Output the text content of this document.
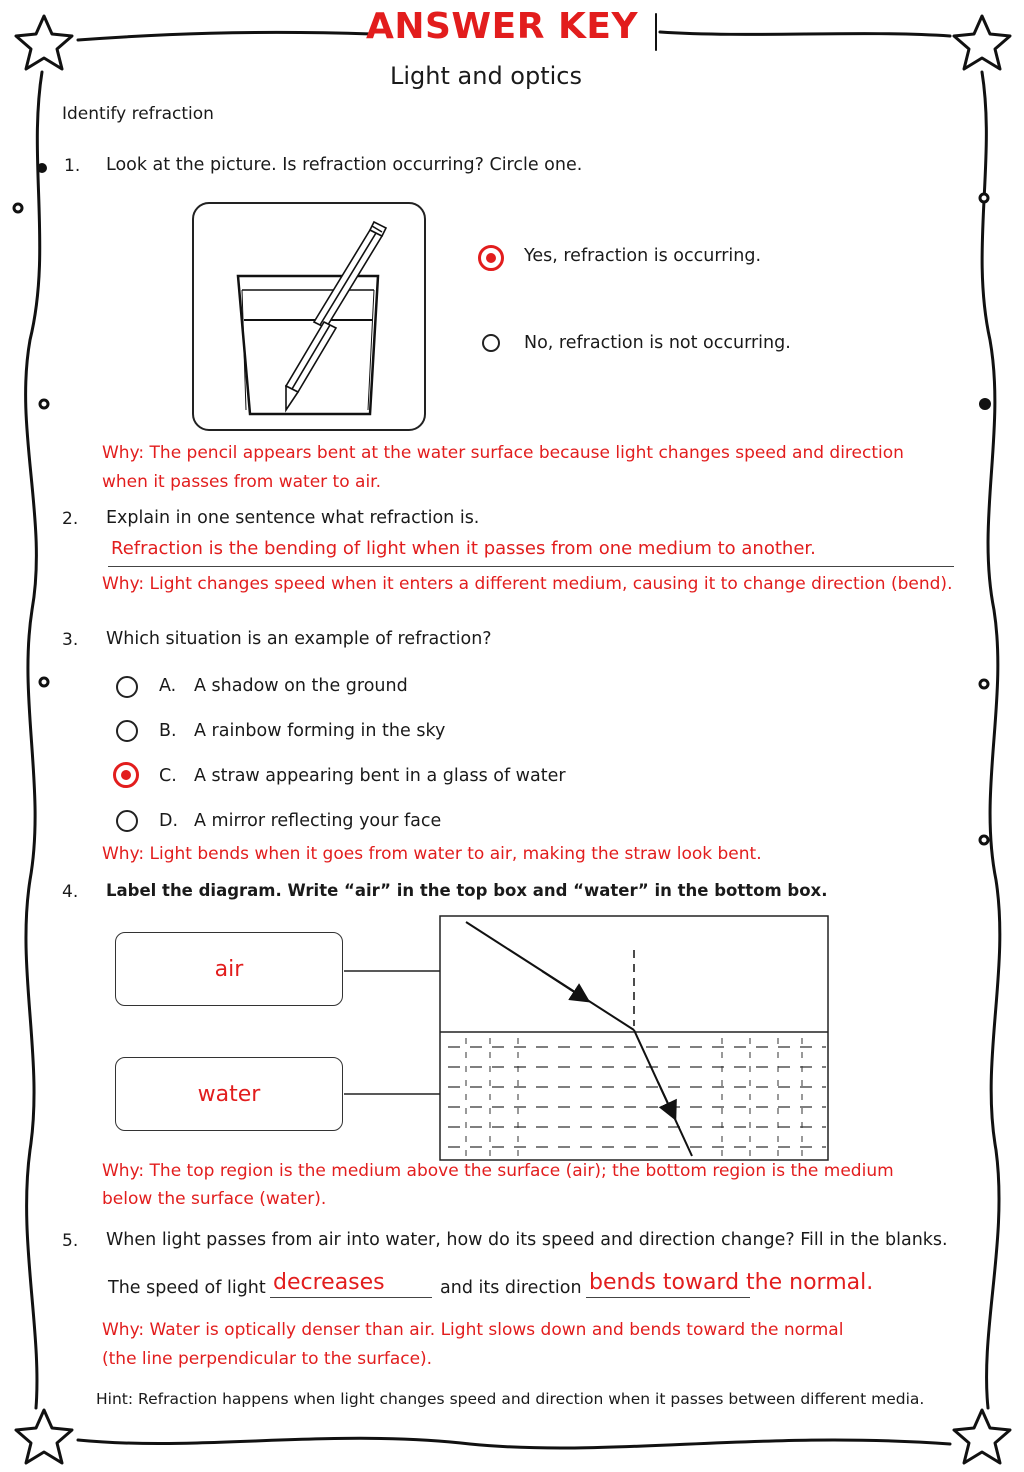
ANSWER KEY
Light and optics
Identify refraction
1. Look at the picture. Is refraction occurring? Circle one.
Yes, refraction is occurring.
No, refraction is not occurring.
Why: The pencil appears bent at the water surface because light changes speed and direction
when it passes from water to air.
2. Explain in one sentence what refraction is.
Refraction is the bending of light when it passes from one medium to another.
Why: Light changes speed when it enters a different medium, causing it to change direction (bend).
3. Which situation is an example of refraction?
A. A shadow on the ground
B. A rainbow forming in the sky
C. A straw appearing bent in a glass of water
D. A mirror reflecting your face
Why: Light bends when it goes from water to air, making the straw look bent.
4. Label the diagram. Write “air” in the top box and “water” in the bottom box.
air
water
Why: The top region is the medium above the surface (air); the bottom region is the medium
below the surface (water).
5. When light passes from air into water, how do its speed and direction change? Fill in the blanks.
The speed of light decreases	and its direction bends toward the normal.
Why: Water is optically denser than air. Light slows down and bends toward the normal
(the line perpendicular to the surface).
Hint: Refraction happens when light changes speed and direction when it passes between different media.
